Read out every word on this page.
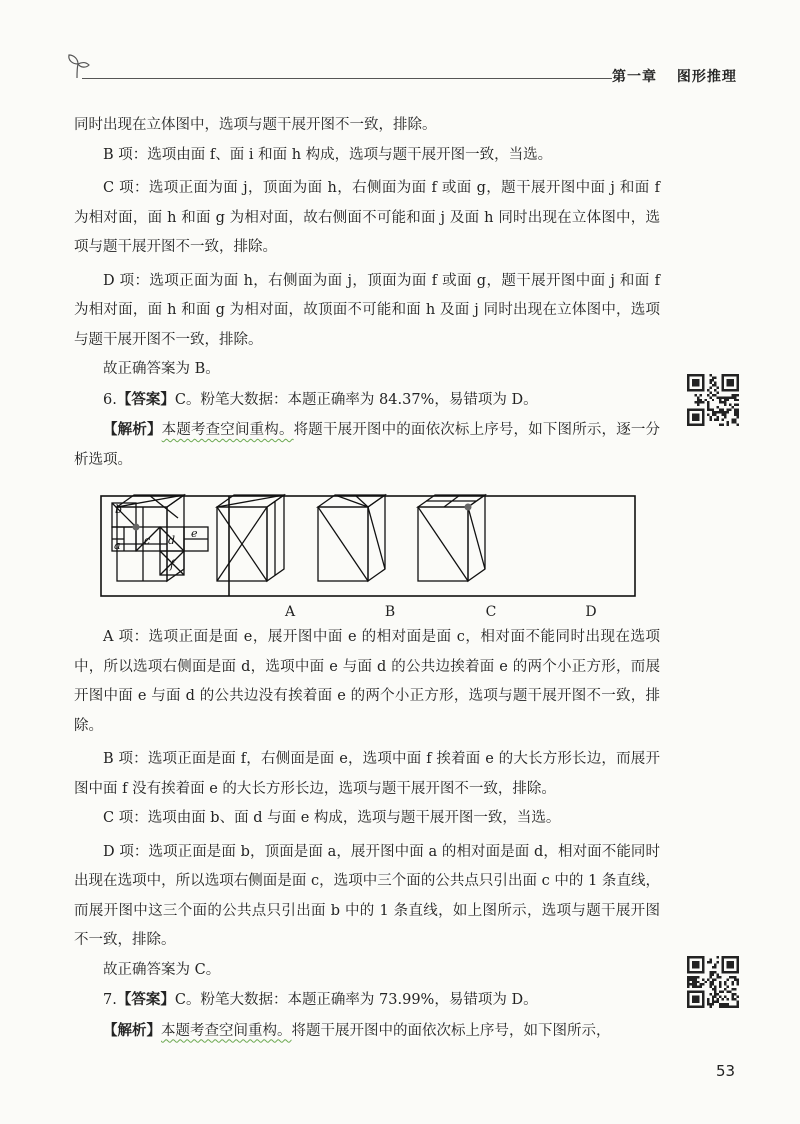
第一章 图形推理

同时出现在立体图中，选项与题干展开图不一致，排除。

B 项：选项由面 f、面 i 和面 h 构成，选项与题干展开图一致，当选。

C 项：选项正面为面 j，顶面为面 h，右侧面为面 f 或面 g，题干展开图中面 j 和面 f 为相对面，面 h 和面 g 为相对面，故右侧面不可能和面 j 及面 h 同时出现在立体图中，选项与题干展开图不一致，排除。

D 项：选项正面为面 h，右侧面为面 j，顶面为面 f 或面 g，题干展开图中面 j 和面 f 为相对面，面 h 和面 g 为相对面，故顶面不可能和面 h 及面 j 同时出现在立体图中，选项与题干展开图不一致，排除。

故正确答案为 B。

6.【答案】C。粉笔大数据：本题正确率为 84.37%，易错项为 D。

【解析】本题考查空间重构。将题干展开图中的面依次标上序号，如下图所示，逐一分析选项。

b
a c d
e
f
A	B	C	D

A 项：选项正面是面 e，展开图中面 e 的相对面是面 c，相对面不能同时出现在选项中，所以选项右侧面是面 d，选项中面 e 与面 d 的公共边挨着面 e 的两个小正方形，而展开图中面 e 与面 d 的公共边没有挨着面 e 的两个小正方形，选项与题干展开图不一致，排除。

B 项：选项正面是面 f，右侧面是面 e，选项中面 f 挨着面 e 的大长方形长边，而展开图中面 f 没有挨着面 e 的大长方形长边，选项与题干展开图不一致，排除。

C 项：选项由面 b、面 d 与面 e 构成，选项与题干展开图一致，当选。

D 项：选项正面是面 b，顶面是面 a，展开图中面 a 的相对面是面 d，相对面不能同时出现在选项中，所以选项右侧面是面 c，选项中三个面的公共点只引出面 c 中的 1 条直线，而展开图中这三个面的公共点只引出面 b 中的 1 条直线，如上图所示，选项与题干展开图不一致，排除。

故正确答案为 C。

7.【答案】C。粉笔大数据：本题正确率为 73.99%，易错项为 D。

【解析】本题考查空间重构。将题干展开图中的面依次标上序号，如下图所示，

53
